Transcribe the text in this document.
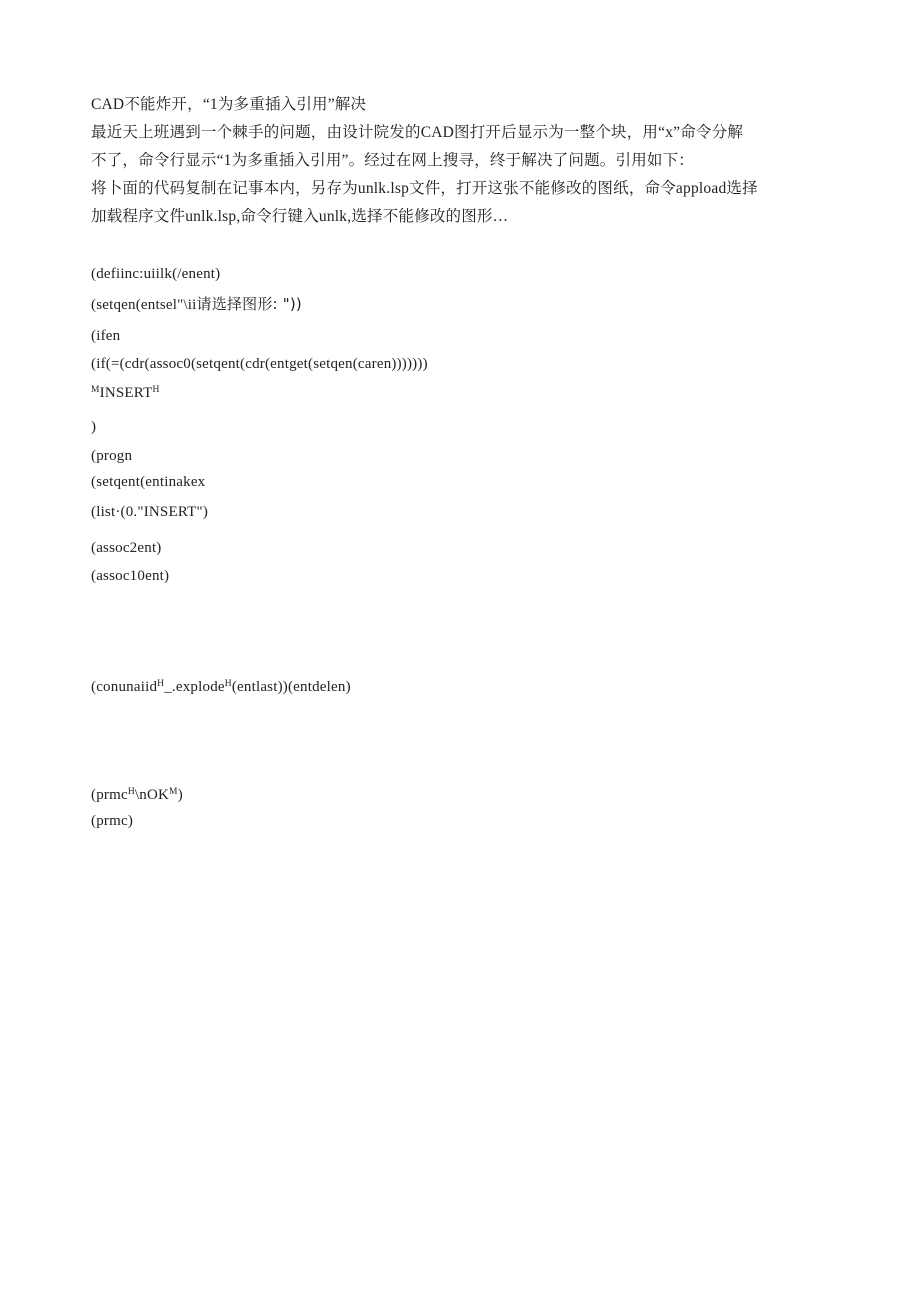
CAD不能炸开，“1为多重插入引用”解决
最近天上班遇到一个棘手的问题，由设计院发的CAD图打开后显示为一整个块，用“x”命令分解
不了，命令行显示“1为多重插入引用”。经过在网上搜寻，终于解决了问题。引用如下：
将卜面的代码复制在记事本内，另存为unlk.lsp文件，打开这张不能修改的图纸，命令appload选择
加载程序文件unlk.lsp,命令行键入unlk,选择不能修改的图形…
(defiinc:uiilk(/enent)
(setqen(entsel"\ii请选择图形: "))
(ifen
(if(=(cdr(assoc0(setqent(cdr(entget(setqen(caren)))))))
$^MINSERT^H$
)
(progn
(setqent(entinakex
(list·(0."INSERT")
(assoc2ent)
(assoc10ent)
(conunaiid$^H$_.explode$^H$(entlast))(entdelen)
(prmc$^H$\nOK$^M$)
(prmc)
